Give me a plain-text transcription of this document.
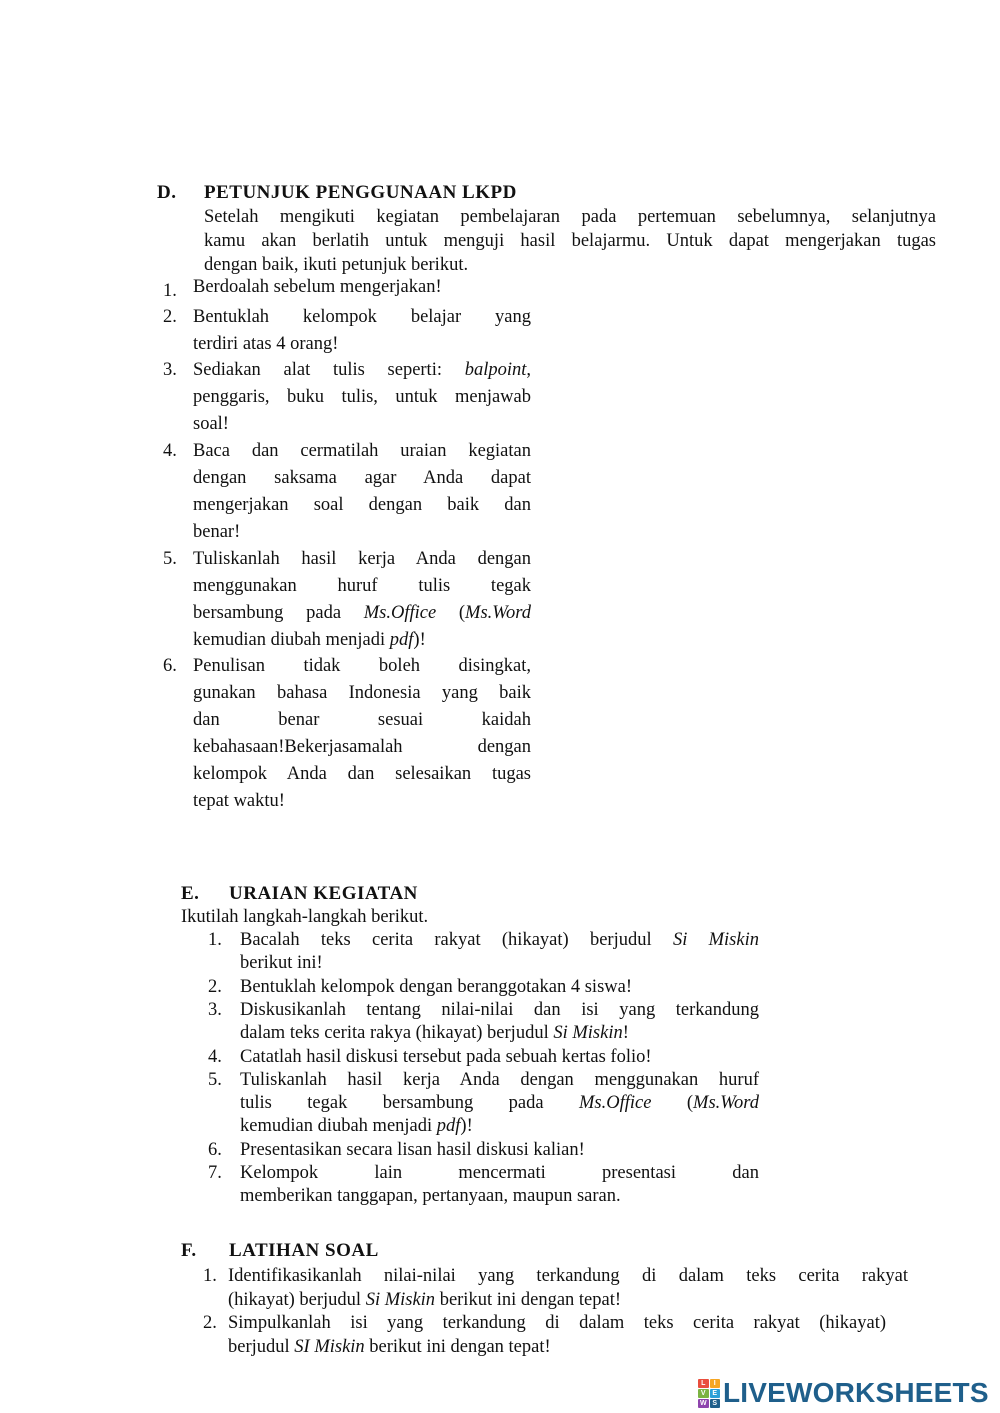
D. PETUNJUK PENGGUNAAN LKPD
Setelah mengikuti kegiatan pembelajaran pada pertemuan sebelumnya, selanjutnya
kamu akan berlatih untuk menguji hasil belajarmu. Untuk dapat mengerjakan tugas
dengan baik, ikuti petunjuk berikut.
1. Berdoalah sebelum mengerjakan!
2. Bentuklah kelompok belajar yang
terdiri atas 4 orang!
3. Sediakan alat tulis seperti: balpoint,
penggaris, buku tulis, untuk menjawab
soal!
4. Baca dan cermatilah uraian kegiatan
dengan saksama agar Anda dapat
mengerjakan soal dengan baik dan
benar!
5. Tuliskanlah hasil kerja Anda dengan
menggunakan huruf tulis tegak
bersambung pada Ms.Office (Ms.Word
kemudian diubah menjadi pdf)!
6. Penulisan tidak boleh disingkat,
gunakan bahasa Indonesia yang baik
dan benar sesuai kaidah
kebahasaan!Bekerjasamalah dengan
kelompok Anda dan selesaikan tugas
tepat waktu!
E. URAIAN KEGIATAN
Ikutilah langkah-langkah berikut.
1. Bacalah teks cerita rakyat (hikayat) berjudul Si Miskin
berikut ini!
2. Bentuklah kelompok dengan beranggotakan 4 siswa!
3. Diskusikanlah tentang nilai-nilai dan isi yang terkandung
dalam teks cerita rakya (hikayat) berjudul Si Miskin!
4. Catatlah hasil diskusi tersebut pada sebuah kertas folio!
5. Tuliskanlah hasil kerja Anda dengan menggunakan huruf
tulis tegak bersambung pada Ms.Office (Ms.Word
kemudian diubah menjadi pdf)!
6. Presentasikan secara lisan hasil diskusi kalian!
7. Kelompok lain mencermati presentasi dan
memberikan tanggapan, pertanyaan, maupun saran.
F. LATIHAN SOAL
1. Identifikasikanlah nilai-nilai yang terkandung di dalam teks cerita rakyat
(hikayat) berjudul Si Miskin berikut ini dengan tepat!
2. Simpulkanlah isi yang terkandung di dalam teks cerita rakyat (hikayat)
berjudul SI Miskin berikut ini dengan tepat!
L	I
V E
W S LIVEWORKSHEETS
